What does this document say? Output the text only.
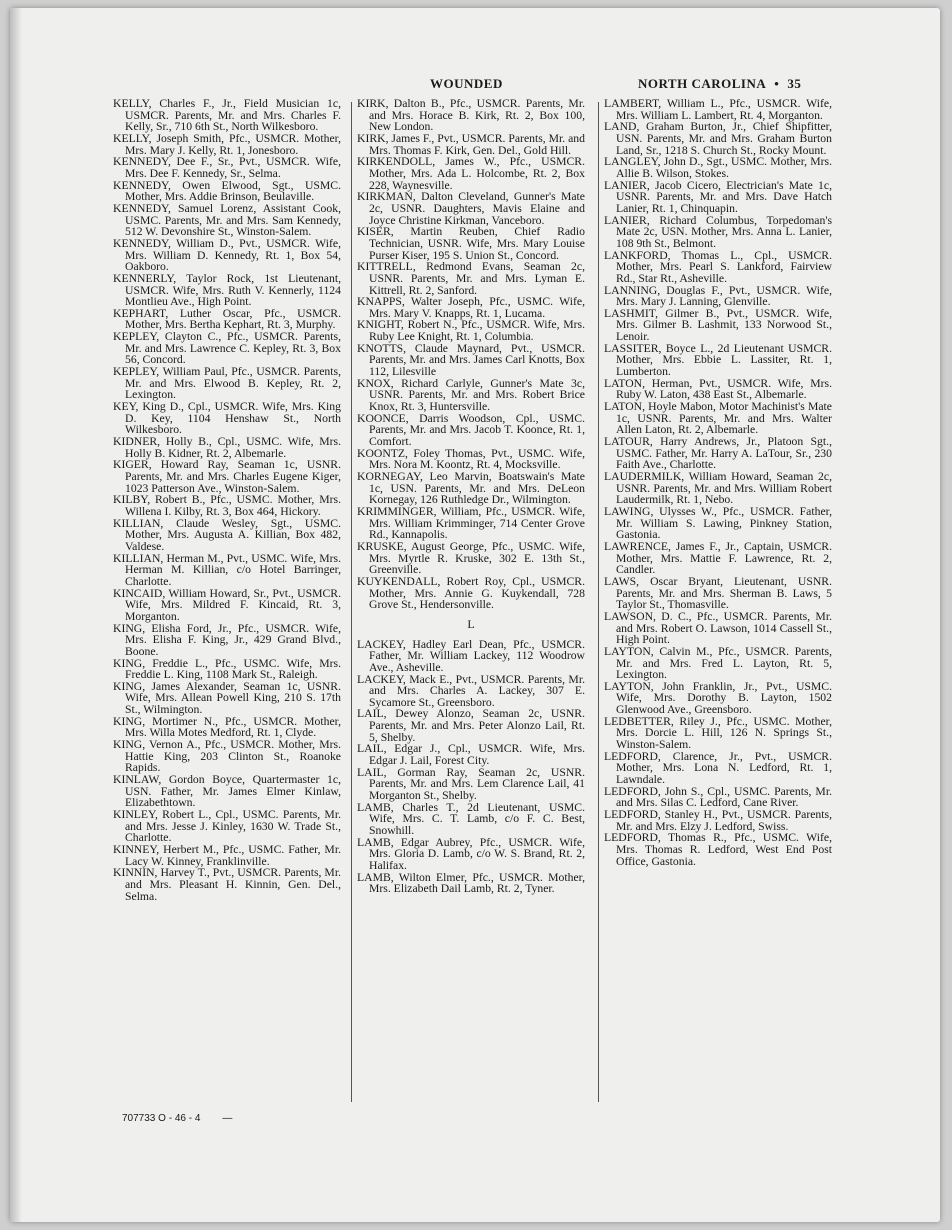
WOUNDED	NORTH CAROLINA • 35

KELLY, Charles F., Jr., Field Musician 1c, USMCR. Parents, Mr. and Mrs. Charles F. Kelly, Sr., 710 6th St., North Wilkesboro.

KELLY, Joseph Smith, Pfc., USMCR. Mother, Mrs. Mary J. Kelly, Rt. 1, Jonesboro.

KENNEDY, Dee F., Sr., Pvt., USMCR. Wife, Mrs. Dee F. Kennedy, Sr., Selma.

KENNEDY, Owen Elwood, Sgt., USMC. Mother, Mrs. Addie Brinson, Beulaville.

KENNEDY, Samuel Lorenz, Assistant Cook, USMC. Parents, Mr. and Mrs. Sam Kennedy, 512 W. Devonshire St., Winston-Salem.

KENNEDY, William D., Pvt., USMCR. Wife, Mrs. William D. Kennedy, Rt. 1, Box 54, Oakboro.

KENNERLY, Taylor Rock, 1st Lieutenant, USMCR. Wife, Mrs. Ruth V. Kennerly, 1124 Montlieu Ave., High Point.

KEPHART, Luther Oscar, Pfc., USMCR. Mother, Mrs. Bertha Kephart, Rt. 3, Murphy.

KEPLEY, Clayton C., Pfc., USMCR. Parents, Mr. and Mrs. Lawrence C. Kepley, Rt. 3, Box 56, Concord.

KEPLEY, William Paul, Pfc., USMCR. Parents, Mr. and Mrs. Elwood B. Kepley, Rt. 2, Lexington.

KEY, King D., Cpl., USMCR. Wife, Mrs. King D. Key, 1104 Henshaw St., North Wilkesboro.

KIDNER, Holly B., Cpl., USMC. Wife, Mrs. Holly B. Kidner, Rt. 2, Albemarle.

KIGER, Howard Ray, Seaman 1c, USNR. Parents, Mr. and Mrs. Charles Eugene Kiger, 1023 Patterson Ave., Winston-Salem.

KILBY, Robert B., Pfc., USMC. Mother, Mrs. Willena I. Kilby, Rt. 3, Box 464, Hickory.

KILLIAN, Claude Wesley, Sgt., USMC. Mother, Mrs. Augusta A. Killian, Box 482, Valdese.

KILLIAN, Herman M., Pvt., USMC. Wife, Mrs. Herman M. Killian, c/o Hotel Barringer, Charlotte.

KINCAID, William Howard, Sr., Pvt., USMCR. Wife, Mrs. Mildred F. Kincaid, Rt. 3, Morganton.

KING, Elisha Ford, Jr., Pfc., USMCR. Wife, Mrs. Elisha F. King, Jr., 429 Grand Blvd., Boone.

KING, Freddie L., Pfc., USMC. Wife, Mrs. Freddie L. King, 1108 Mark St., Raleigh.

KING, James Alexander, Seaman 1c, USNR. Wife, Mrs. Allean Powell King, 210 S. 17th St., Wilmington.

KING, Mortimer N., Pfc., USMCR. Mother, Mrs. Willa Motes Medford, Rt. 1, Clyde.

KING, Vernon A., Pfc., USMCR. Mother, Mrs. Hattie King, 203 Clinton St., Roanoke Rapids.

KINLAW, Gordon Boyce, Quartermaster 1c, USN. Father, Mr. James Elmer Kinlaw, Elizabethtown.

KINLEY, Robert L., Cpl., USMC. Parents, Mr. and Mrs. Jesse J. Kinley, 1630 W. Trade St., Charlotte.

KINNEY, Herbert M., Pfc., USMC. Father, Mr. Lacy W. Kinney, Franklinville.

KINNIN, Harvey T., Pvt., USMCR. Parents, Mr. and Mrs. Pleasant H. Kinnin, Gen. Del., Selma.

KIRK, Dalton B., Pfc., USMCR. Parents, Mr. and Mrs. Horace B. Kirk, Rt. 2, Box 100, New London.

KIRK, James F., Pvt., USMCR. Parents, Mr. and Mrs. Thomas F. Kirk, Gen. Del., Gold Hill.

KIRKENDOLL, James W., Pfc., USMCR. Mother, Mrs. Ada L. Holcombe, Rt. 2, Box 228, Waynesville.

KIRKMAN, Dalton Cleveland, Gunner's Mate 2c, USNR. Daughters, Mavis Elaine and Joyce Christine Kirkman, Vanceboro.

KISER, Martin Reuben, Chief Radio Technician, USNR. Wife, Mrs. Mary Louise Purser Kiser, 195 S. Union St., Concord.

KITTRELL, Redmond Evans, Seaman 2c, USNR. Parents, Mr. and Mrs. Lyman E. Kittrell, Rt. 2, Sanford.

KNAPPS, Walter Joseph, Pfc., USMC. Wife, Mrs. Mary V. Knapps, Rt. 1, Lucama.

KNIGHT, Robert N., Pfc., USMCR. Wife, Mrs. Ruby Lee Knight, Rt. 1, Columbia.

KNOTTS, Claude Maynard, Pvt., USMCR. Parents, Mr. and Mrs. James Carl Knotts, Box 112, Lilesville

KNOX, Richard Carlyle, Gunner's Mate 3c, USNR. Parents, Mr. and Mrs. Robert Brice Knox, Rt. 3, Huntersville.

KOONCE, Darris Woodson, Cpl., USMC. Parents, Mr. and Mrs. Jacob T. Koonce, Rt. 1, Comfort.

KOONTZ, Foley Thomas, Pvt., USMC. Wife, Mrs. Nora M. Koontz, Rt. 4, Mocksville.

KORNEGAY, Leo Marvin, Boatswain's Mate 1c, USN. Parents, Mr. and Mrs. DeLeon Kornegay, 126 Ruthledge Dr., Wilmington.

KRIMMINGER, William, Pfc., USMCR. Wife, Mrs. William Krimminger, 714 Center Grove Rd., Kannapolis.

KRUSKE, August George, Pfc., USMC. Wife, Mrs. Myrtle R. Kruske, 302 E. 13th St., Greenville.

KUYKENDALL, Robert Roy, Cpl., USMCR. Mother, Mrs. Annie G. Kuykendall, 728 Grove St., Hendersonville.

L

LACKEY, Hadley Earl Dean, Pfc., USMCR. Father, Mr. William Lackey, 112 Woodrow Ave., Asheville.

LACKEY, Mack E., Pvt., USMCR. Parents, Mr. and Mrs. Charles A. Lackey, 307 E. Sycamore St., Greensboro.

LAIL, Dewey Alonzo, Seaman 2c, USNR. Parents, Mr. and Mrs. Peter Alonzo Lail, Rt. 5, Shelby.

LAIL, Edgar J., Cpl., USMCR. Wife, Mrs. Edgar J. Lail, Forest City.

LAIL, Gorman Ray, Seaman 2c, USNR. Parents, Mr. and Mrs. Lem Clarence Lail, 41 Morganton St., Shelby.

LAMB, Charles T., 2d Lieutenant, USMC. Wife, Mrs. C. T. Lamb, c/o F. C. Best, Snowhill.

LAMB, Edgar Aubrey, Pfc., USMCR. Wife, Mrs. Gloria D. Lamb, c/o W. S. Brand, Rt. 2, Halifax.

LAMB, Wilton Elmer, Pfc., USMCR. Mother, Mrs. Elizabeth Dail Lamb, Rt. 2, Tyner.

LAMBERT, William L., Pfc., USMCR. Wife, Mrs. William L. Lambert, Rt. 4, Morganton.

LAND, Graham Burton, Jr., Chief Shipfitter, USN. Parents, Mr. and Mrs. Graham Burton Land, Sr., 1218 S. Church St., Rocky Mount.

LANGLEY, John D., Sgt., USMC. Mother, Mrs. Allie B. Wilson, Stokes.

LANIER, Jacob Cicero, Electrician's Mate 1c, USNR. Parents, Mr. and Mrs. Dave Hatch Lanier, Rt. 1, Chinquapin.

LANIER, Richard Columbus, Torpedoman's Mate 2c, USN. Mother, Mrs. Anna L. Lanier, 108 9th St., Belmont.

LANKFORD, Thomas L., Cpl., USMCR. Mother, Mrs. Pearl S. Lankford, Fairview Rd., Star Rt., Asheville.

LANNING, Douglas F., Pvt., USMCR. Wife, Mrs. Mary J. Lanning, Glenville.

LASHMIT, Gilmer B., Pvt., USMCR. Wife, Mrs. Gilmer B. Lashmit, 133 Norwood St., Lenoir.

LASSITER, Boyce L., 2d Lieutenant USMCR. Mother, Mrs. Ebbie L. Lassiter, Rt. 1, Lumberton.

LATON, Herman, Pvt., USMCR. Wife, Mrs. Ruby W. Laton, 438 East St., Albemarle.

LATON, Hoyle Mabon, Motor Machinist's Mate 1c, USNR. Parents, Mr. and Mrs. Walter Allen Laton, Rt. 2, Albemarle.

LATOUR, Harry Andrews, Jr., Platoon Sgt., USMC. Father, Mr. Harry A. LaTour, Sr., 230 Faith Ave., Charlotte.

LAUDERMILK, William Howard, Seaman 2c, USNR. Parents, Mr. and Mrs. William Robert Laudermilk, Rt. 1, Nebo.

LAWING, Ulysses W., Pfc., USMCR. Father, Mr. William S. Lawing, Pinkney Station, Gastonia.

LAWRENCE, James F., Jr., Captain, USMCR. Mother, Mrs. Mattie F. Lawrence, Rt. 2, Candler.

LAWS, Oscar Bryant, Lieutenant, USNR. Parents, Mr. and Mrs. Sherman B. Laws, 5 Taylor St., Thomasville.

LAWSON, D. C., Pfc., USMCR. Parents, Mr. and Mrs. Robert O. Lawson, 1014 Cassell St., High Point.

LAYTON, Calvin M., Pfc., USMCR. Parents, Mr. and Mrs. Fred L. Layton, Rt. 5, Lexington.

LAYTON, John Franklin, Jr., Pvt., USMC. Wife, Mrs. Dorothy B. Layton, 1502 Glenwood Ave., Greensboro.

LEDBETTER, Riley J., Pfc., USMC. Mother, Mrs. Dorcie L. Hill, 126 N. Springs St., Winston-Salem.

LEDFORD, Clarence, Jr., Pvt., USMCR. Mother, Mrs. Lona N. Ledford, Rt. 1, Lawndale.

LEDFORD, John S., Cpl., USMC. Parents, Mr. and Mrs. Silas C. Ledford, Cane River.

LEDFORD, Stanley H., Pvt., USMCR. Parents, Mr. and Mrs. Elzy J. Ledford, Swiss.

LEDFORD, Thomas R., Pfc., USMC. Wife, Mrs. Thomas R. Ledford, West End Post Office, Gastonia.

707733 O - 46 - 4 —
